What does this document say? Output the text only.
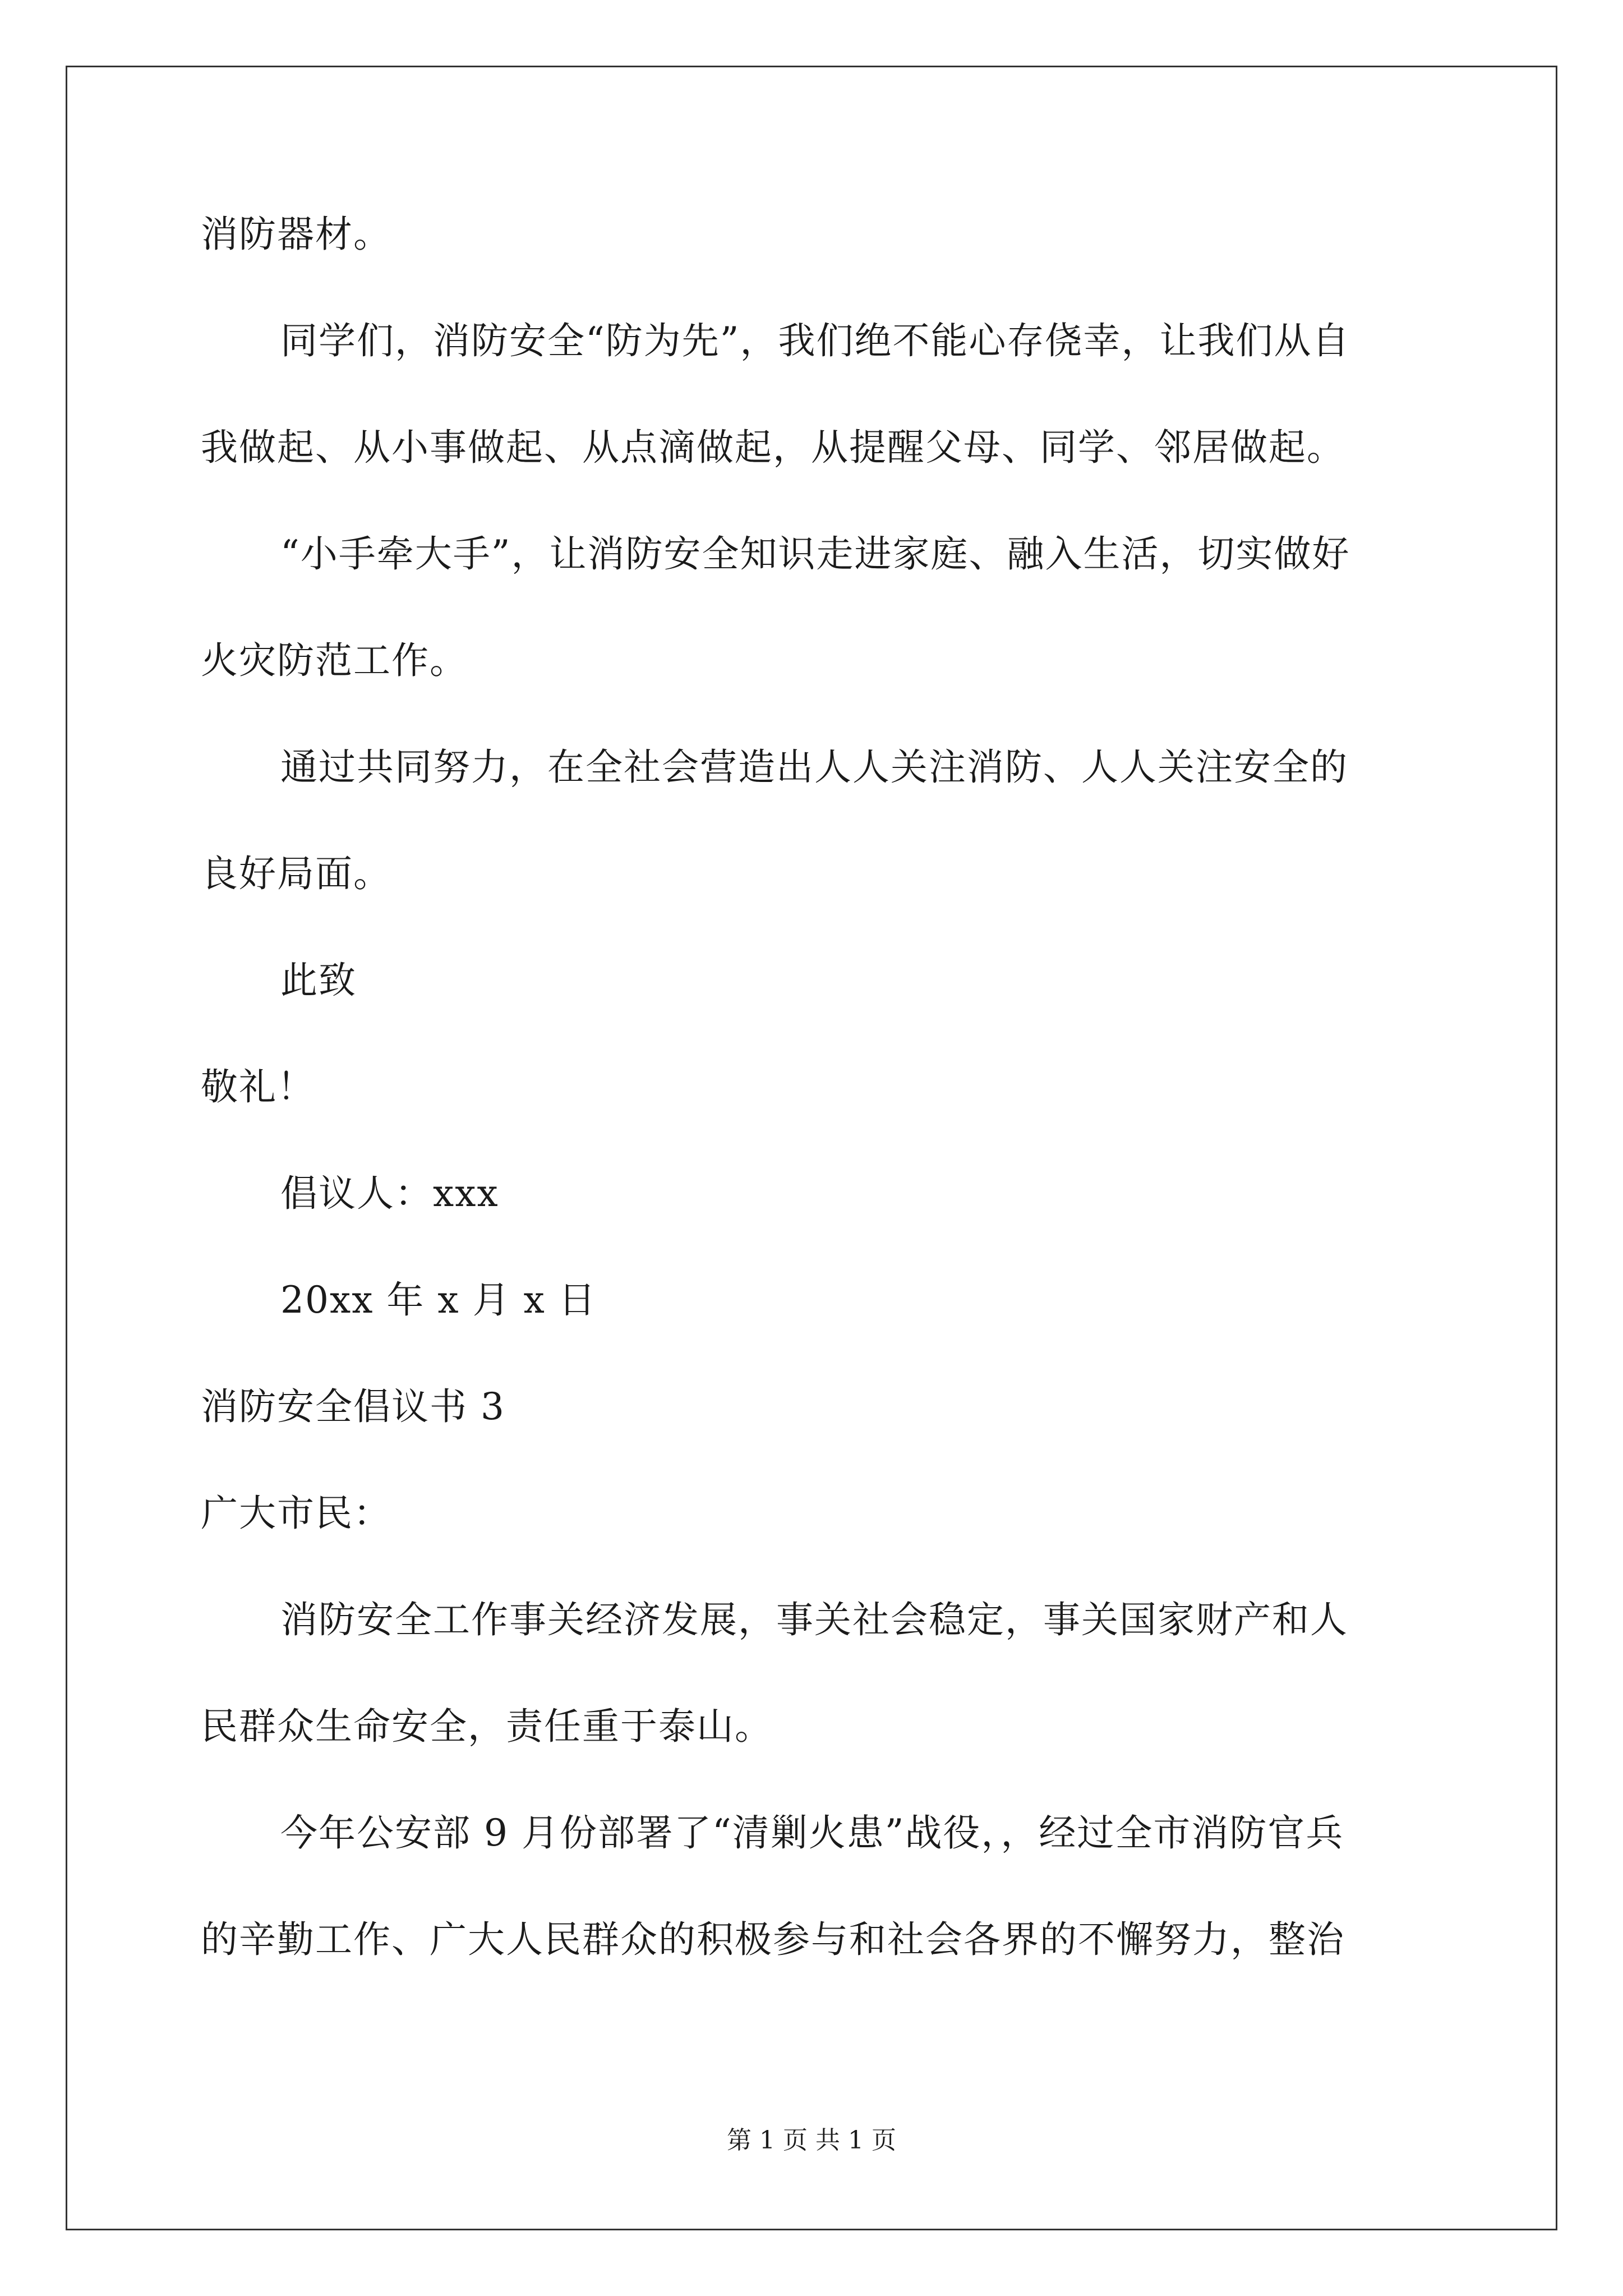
消防器材。
同学们，消防安全“防为先”，我们绝不能心存侥幸，让我们从自
我做起、从小事做起、从点滴做起，从提醒父母、同学、邻居做起。
“小手牵大手”，让消防安全知识走进家庭、融入生活，切实做好
火灾防范工作。
通过共同努力，在全社会营造出人人关注消防、人人关注安全的
良好局面。
此致
敬礼！
倡议人：xxx
20xx 年 x 月 x 日
消防安全倡议书 3
广大市民：
消防安全工作事关经济发展，事关社会稳定，事关国家财产和人
民群众生命安全，责任重于泰山。
今年公安部 9 月份部署了“清剿火患”战役，，经过全市消防官兵
的辛勤工作、广大人民群众的积极参与和社会各界的不懈努力，整治
第 1 页 共 1 页
